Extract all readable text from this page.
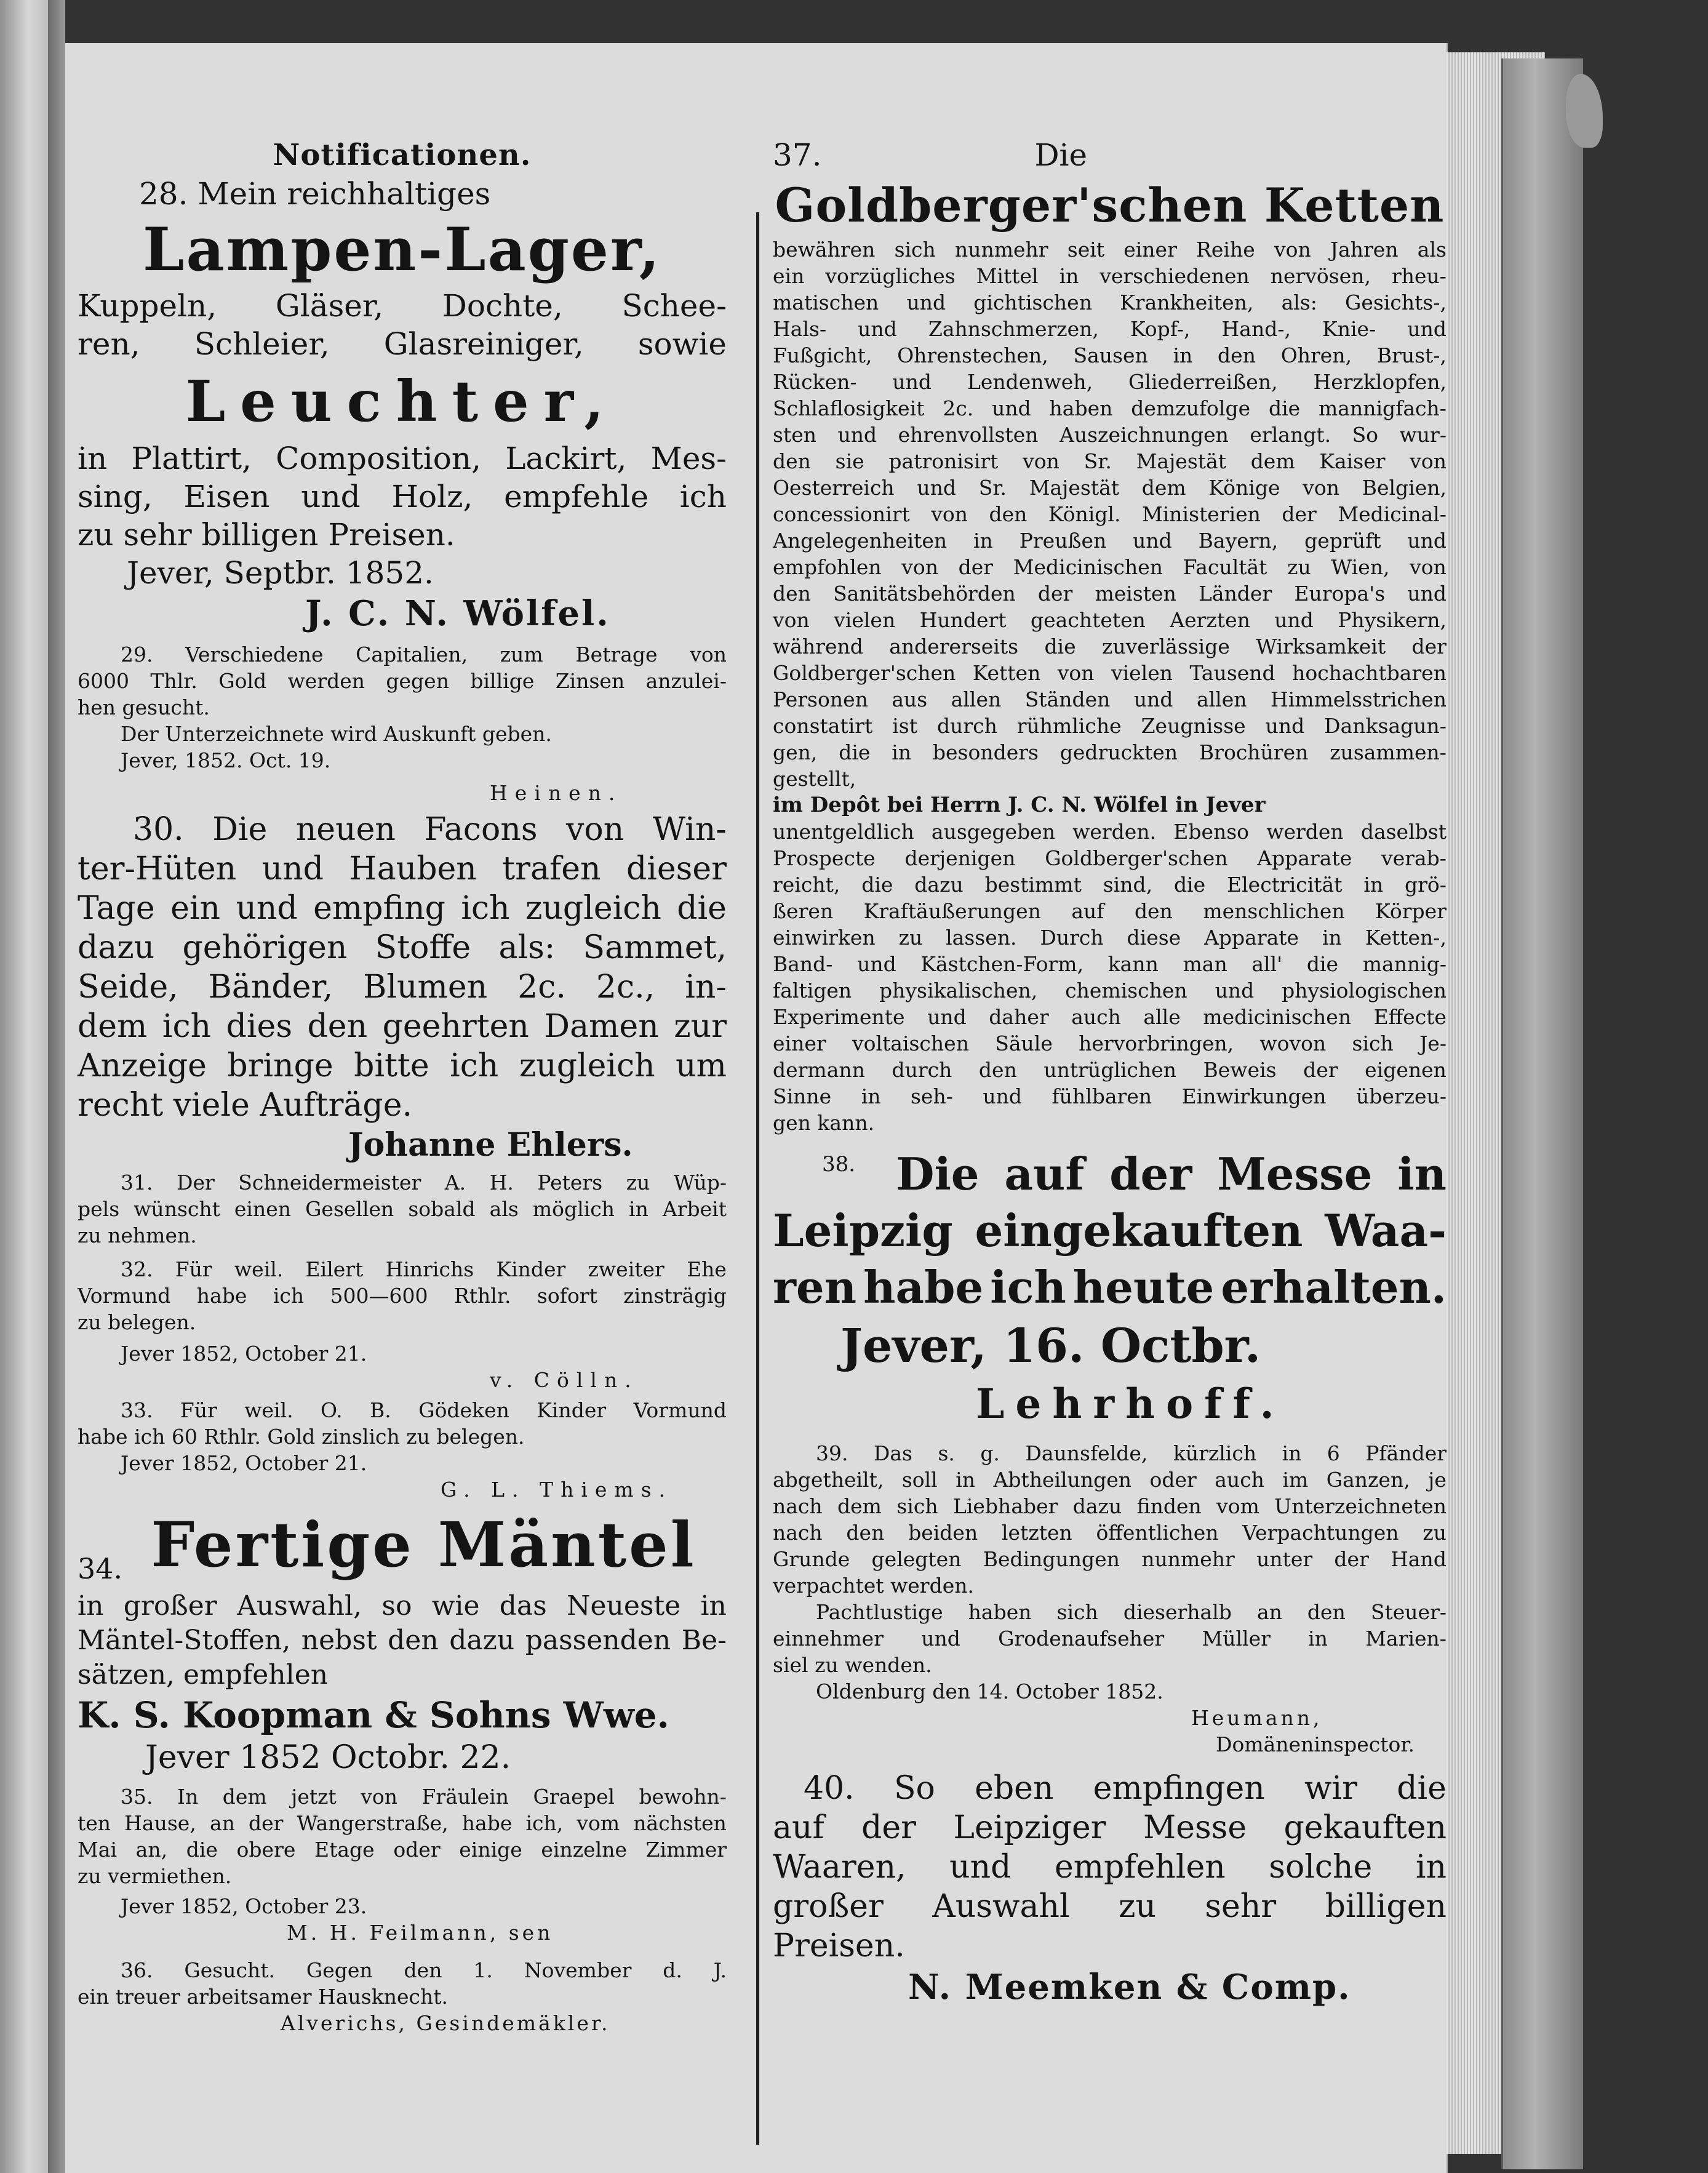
Notificationen.
28. Mein reichhaltiges
Lampen-Lager,
Kuppeln, Gläser, Dochte, Schee-
ren, Schleier, Glasreiniger, sowie
Leuchter,
in Plattirt, Composition, Lackirt, Mes-
sing, Eisen und Holz, empfehle ich
zu sehr billigen Preisen.
Jever, Septbr. 1852.
J. C. N. Wölfel.
29. Verschiedene Capitalien, zum Betrage von
6000 Thlr. Gold werden gegen billige Zinsen anzulei-
hen gesucht.
Der Unterzeichnete wird Auskunft geben.
Jever, 1852. Oct. 19.
Heinen.
30. Die neuen Facons von Win-
ter-Hüten und Hauben trafen dieser
Tage ein und empfing ich zugleich die
dazu gehörigen Stoffe als: Sammet,
Seide, Bänder, Blumen 2c. 2c., in-
dem ich dies den geehrten Damen zur
Anzeige bringe bitte ich zugleich um
recht viele Aufträge.
Johanne Ehlers.
31. Der Schneidermeister A. H. Peters zu Wüp-
pels wünscht einen Gesellen sobald als möglich in Arbeit
zu nehmen.
32. Für weil. Eilert Hinrichs Kinder zweiter Ehe
Vormund habe ich 500—600 Rthlr. sofort zinsträgig
zu belegen.
Jever 1852, October 21.
v. Cölln.
33. Für weil. O. B. Gödeken Kinder Vormund
habe ich 60 Rthlr. Gold zinslich zu belegen.
Jever 1852, October 21.
G. L. Thiems.
Fertige Mäntel
34.
in großer Auswahl, so wie das Neueste in
Mäntel-Stoffen, nebst den dazu passenden Be-
sätzen, empfehlen
K. S. Koopman & Sohns Wwe.
Jever 1852 Octobr. 22.
35. In dem jetzt von Fräulein Graepel bewohn-
ten Hause, an der Wangerstraße, habe ich, vom nächsten
Mai an, die obere Etage oder einige einzelne Zimmer
zu vermiethen.
Jever 1852, October 23.
M. H. Feilmann, sen
36. Gesucht. Gegen den 1. November d. J.
ein treuer arbeitsamer Hausknecht.
Alverichs, Gesindemäkler.
37.	Die
Goldberger'schen Ketten
bewähren sich nunmehr seit einer Reihe von Jahren als
ein vorzügliches Mittel in verschiedenen nervösen, rheu-
matischen und gichtischen Krankheiten, als: Gesichts-,
Hals- und Zahnschmerzen, Kopf-, Hand-, Knie- und
Fußgicht, Ohrenstechen, Sausen in den Ohren, Brust-,
Rücken- und Lendenweh, Gliederreißen, Herzklopfen,
Schlaflosigkeit 2c. und haben demzufolge die mannigfach-
sten und ehrenvollsten Auszeichnungen erlangt. So wur-
den sie patronisirt von Sr. Majestät dem Kaiser von
Oesterreich und Sr. Majestät dem Könige von Belgien,
concessionirt von den Königl. Ministerien der Medicinal-
Angelegenheiten in Preußen und Bayern, geprüft und
empfohlen von der Medicinischen Facultät zu Wien, von
den Sanitätsbehörden der meisten Länder Europa's und
von vielen Hundert geachteten Aerzten und Physikern,
während andererseits die zuverlässige Wirksamkeit der
Goldberger'schen Ketten von vielen Tausend hochachtbaren
Personen aus allen Ständen und allen Himmelsstrichen
constatirt ist durch rühmliche Zeugnisse und Danksagun-
gen, die in besonders gedruckten Brochüren zusammen-
gestellt,
im Depôt bei Herrn J. C. N. Wölfel in Jever
unentgeldlich ausgegeben werden. Ebenso werden daselbst
Prospecte derjenigen Goldberger'schen Apparate verab-
reicht, die dazu bestimmt sind, die Electricität in grö-
ßeren Kraftäußerungen auf den menschlichen Körper
einwirken zu lassen. Durch diese Apparate in Ketten-,
Band- und Kästchen-Form, kann man all' die mannig-
faltigen physikalischen, chemischen und physiologischen
Experimente und daher auch alle medicinischen Effecte
einer voltaischen Säule hervorbringen, wovon sich Je-
dermann durch den untrüglichen Beweis der eigenen
Sinne in seh- und fühlbaren Einwirkungen überzeu-
gen kann.
38. Die auf der Messe in
Leipzig eingekauften Waa-
ren habe ich heute erhalten.
Jever, 16. Octbr.
Lehrhoff.
39. Das s. g. Daunsfelde, kürzlich in 6 Pfänder
abgetheilt, soll in Abtheilungen oder auch im Ganzen, je
nach dem sich Liebhaber dazu finden vom Unterzeichneten
nach den beiden letzten öffentlichen Verpachtungen zu
Grunde gelegten Bedingungen nunmehr unter der Hand
verpachtet werden.
Pachtlustige haben sich dieserhalb an den Steuer-
einnehmer und Grodenaufseher Müller in Marien-
siel zu wenden.
Oldenburg den 14. October 1852.
Heumann,
Domäneninspector.
40. So eben empfingen wir die
auf der Leipziger Messe gekauften
Waaren, und empfehlen solche in
großer Auswahl zu sehr billigen
Preisen.
N. Meemken & Comp.
